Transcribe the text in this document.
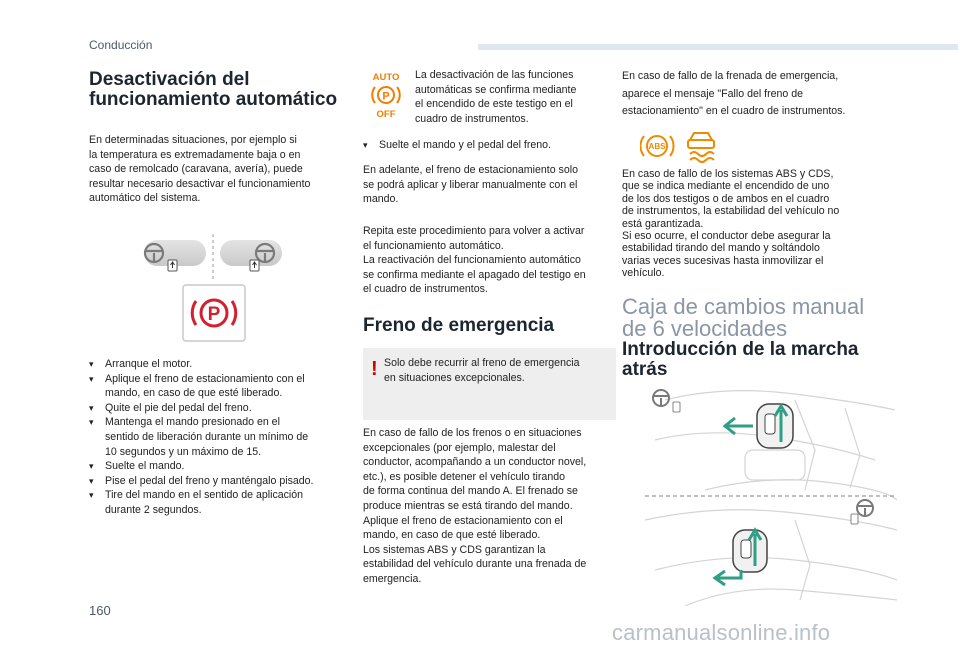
Conducción
Desactivación del
funcionamiento automático
En determinadas situaciones, por ejemplo si
la temperatura es extremadamente baja o en
caso de remolcado (caravana, avería), puede
resultar necesario desactivar el funcionamiento
automático del sistema.
P
▾ Arranque el motor.
▾ Aplique el freno de estacionamiento con el
mando, en caso de que esté liberado.
▾ Quite el pie del pedal del freno.
▾ Mantenga el mando presionado en el
sentido de liberación durante un mínimo de
10 segundos y un máximo de 15.
▾ Suelte el mando.
▾ Pise el pedal del freno y manténgalo pisado.
▾ Tire del mando en el sentido de aplicación
durante 2 segundos.
AUTO
P
OFF
La desactivación de las funciones
automáticas se confirma mediante
el encendido de este testigo en el
cuadro de instrumentos.
▾ Suelte el mando y el pedal del freno.
En adelante, el freno de estacionamiento solo
se podrá aplicar y liberar manualmente con el
mando.
Repita este procedimiento para volver a activar
el funcionamiento automático.
La reactivación del funcionamiento automático
se confirma mediante el apagado del testigo en
el cuadro de instrumentos.
Freno de emergencia
! Solo debe recurrir al freno de emergencia
en situaciones excepcionales.
En caso de fallo de los frenos o en situaciones
excepcionales (por ejemplo, malestar del
conductor, acompañando a un conductor novel,
etc.), es posible detener el vehículo tirando
de forma continua del mando A. El frenado se
produce mientras se está tirando del mando.
Aplique el freno de estacionamiento con el
mando, en caso de que esté liberado.
Los sistemas ABS y CDS garantizan la
estabilidad del vehículo durante una frenada de
emergencia.
En caso de fallo de la frenada de emergencia,
aparece el mensaje "Fallo del freno de
estacionamiento" en el cuadro de instrumentos.
ABS
En caso de fallo de los sistemas ABS y CDS,
que se indica mediante el encendido de uno
de los dos testigos o de ambos en el cuadro
de instrumentos, la estabilidad del vehículo no
está garantizada.
Si eso ocurre, el conductor debe asegurar la
estabilidad tirando del mando y soltándolo
varias veces sucesivas hasta inmovilizar el
vehículo.
Caja de cambios manual
de 6 velocidades
Introducción de la marcha
atrás
160
carmanualsonline.info
